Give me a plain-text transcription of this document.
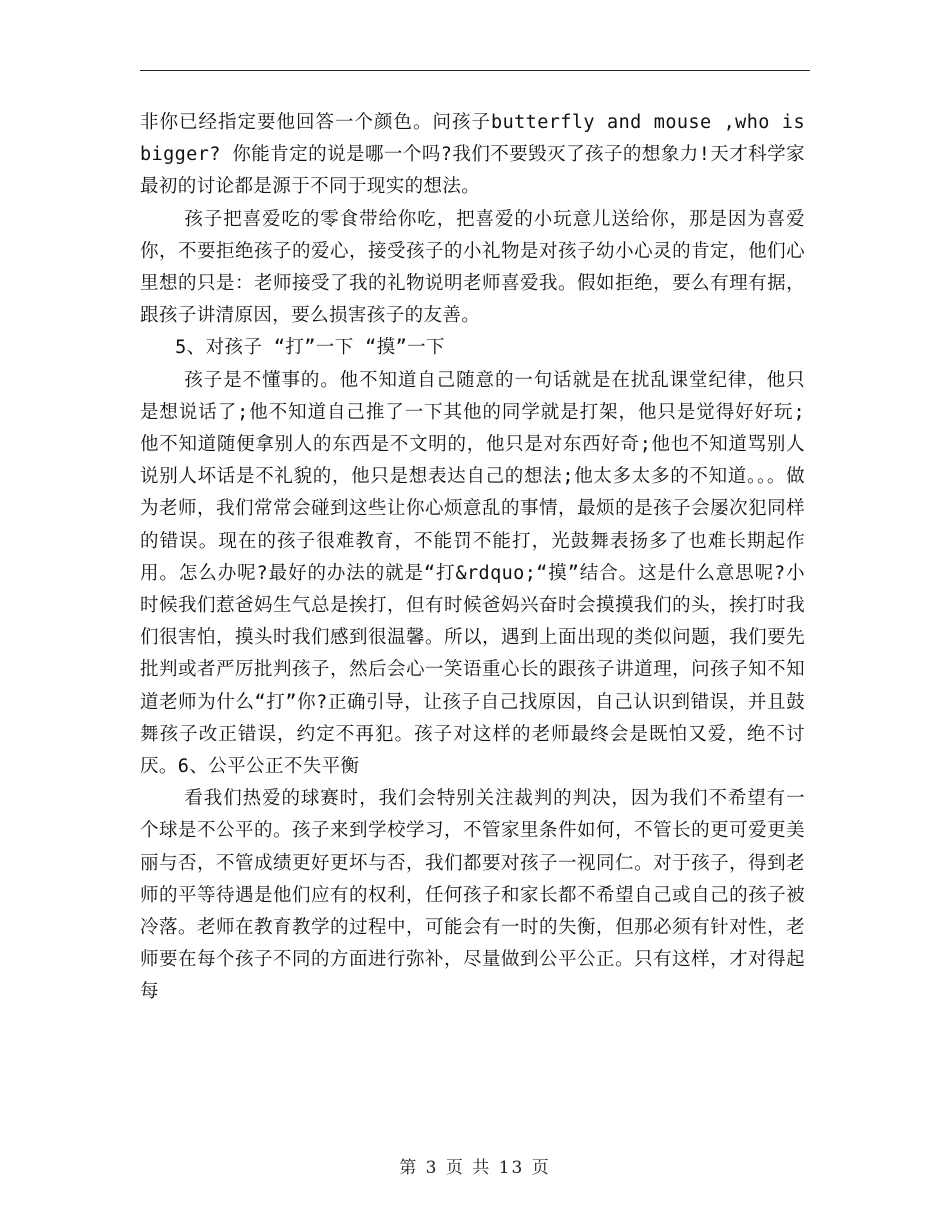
非你已经指定要他回答一个颜色。问孩子butterfly and mouse ,who is bigger? 你能肯定的说是哪一个吗?我们不要毁灭了孩子的想象力!天才科学家最初的讨论都是源于不同于现实的想法。

孩子把喜爱吃的零食带给你吃，把喜爱的小玩意儿送给你，那是因为喜爱你，不要拒绝孩子的爱心，接受孩子的小礼物是对孩子幼小心灵的肯定，他们心里想的只是：老师接受了我的礼物说明老师喜爱我。假如拒绝，要么有理有据，跟孩子讲清原因，要么损害孩子的友善。

5、对孩子 “打”一下 “摸”一下

孩子是不懂事的。他不知道自己随意的一句话就是在扰乱课堂纪律，他只是想说话了;他不知道自己推了一下其他的同学就是打架，他只是觉得好好玩;他不知道随便拿别人的东西是不文明的，他只是对东西好奇;他也不知道骂别人说别人坏话是不礼貌的，他只是想表达自己的想法;他太多太多的不知道。。。做为老师，我们常常会碰到这些让你心烦意乱的事情，最烦的是孩子会屡次犯同样的错误。现在的孩子很难教育，不能罚不能打，光鼓舞表扬多了也难长期起作用。怎么办呢?最好的办法的就是“打&rdquo;“摸”结合。这是什么意思呢?小时候我们惹爸妈生气总是挨打，但有时候爸妈兴奋时会摸摸我们的头，挨打时我们很害怕，摸头时我们感到很温馨。所以，遇到上面出现的类似问题，我们要先批判或者严厉批判孩子，然后会心一笑语重心长的跟孩子讲道理，问孩子知不知道老师为什么“打”你?正确引导，让孩子自己找原因，自己认识到错误，并且鼓舞孩子改正错误，约定不再犯。孩子对这样的老师最终会是既怕又爱，绝不讨厌。6、公平公正不失平衡

看我们热爱的球赛时，我们会特别关注裁判的判决，因为我们不希望有一个球是不公平的。孩子来到学校学习，不管家里条件如何，不管长的更可爱更美丽与否，不管成绩更好更坏与否，我们都要对孩子一视同仁。对于孩子，得到老师的平等待遇是他们应有的权利，任何孩子和家长都不希望自己或自己的孩子被冷落。老师在教育教学的过程中，可能会有一时的失衡，但那必须有针对性，老师要在每个孩子不同的方面进行弥补，尽量做到公平公正。只有这样，才对得起每

第 3 页 共 13 页
